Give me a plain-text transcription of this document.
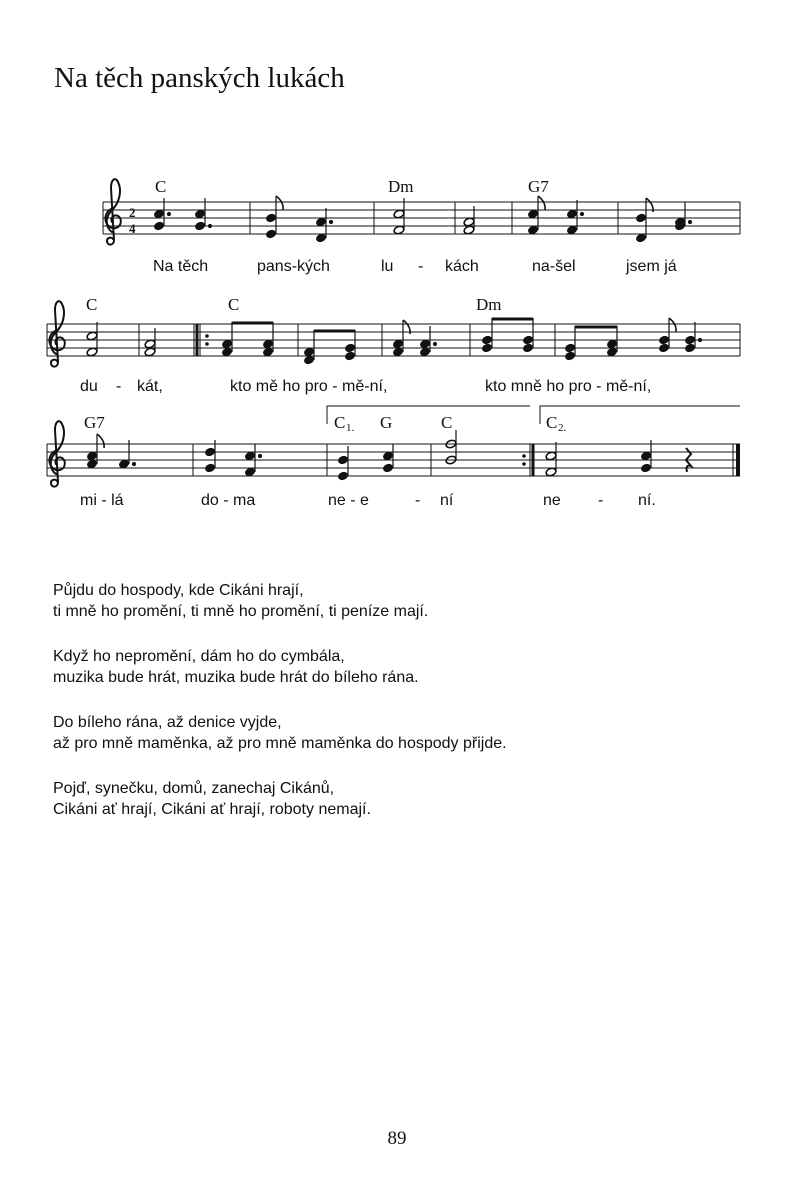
Na těch panských lukách
2
4
C	Dm	G7
Na těch	pans-kých	lu - kách	na-šel	jsem já
C	C	Dm
du - kát,	kto mě ho pro - mě-ní,	kto mně ho pro - mě-ní,
G7	C 1. G	C	C 2.
mi - lá	do - ma	ne - e	- ní	ne - ní.
Půjdu do hospody, kde Cikáni hrají,
ti mně ho promění, ti mně ho promění, ti peníze mají.
Když ho nepromění, dám ho do cymbála,
muzika bude hrát, muzika bude hrát do bíleho rána.
Do bíleho rána, až denice vyjde,
až pro mně maměnka, až pro mně maměnka do hospody přijde.
Pojď, synečku, domů, zanechaj Cikánů,
Cikáni ať hrají, Cikáni ať hrají, roboty nemají.
89
